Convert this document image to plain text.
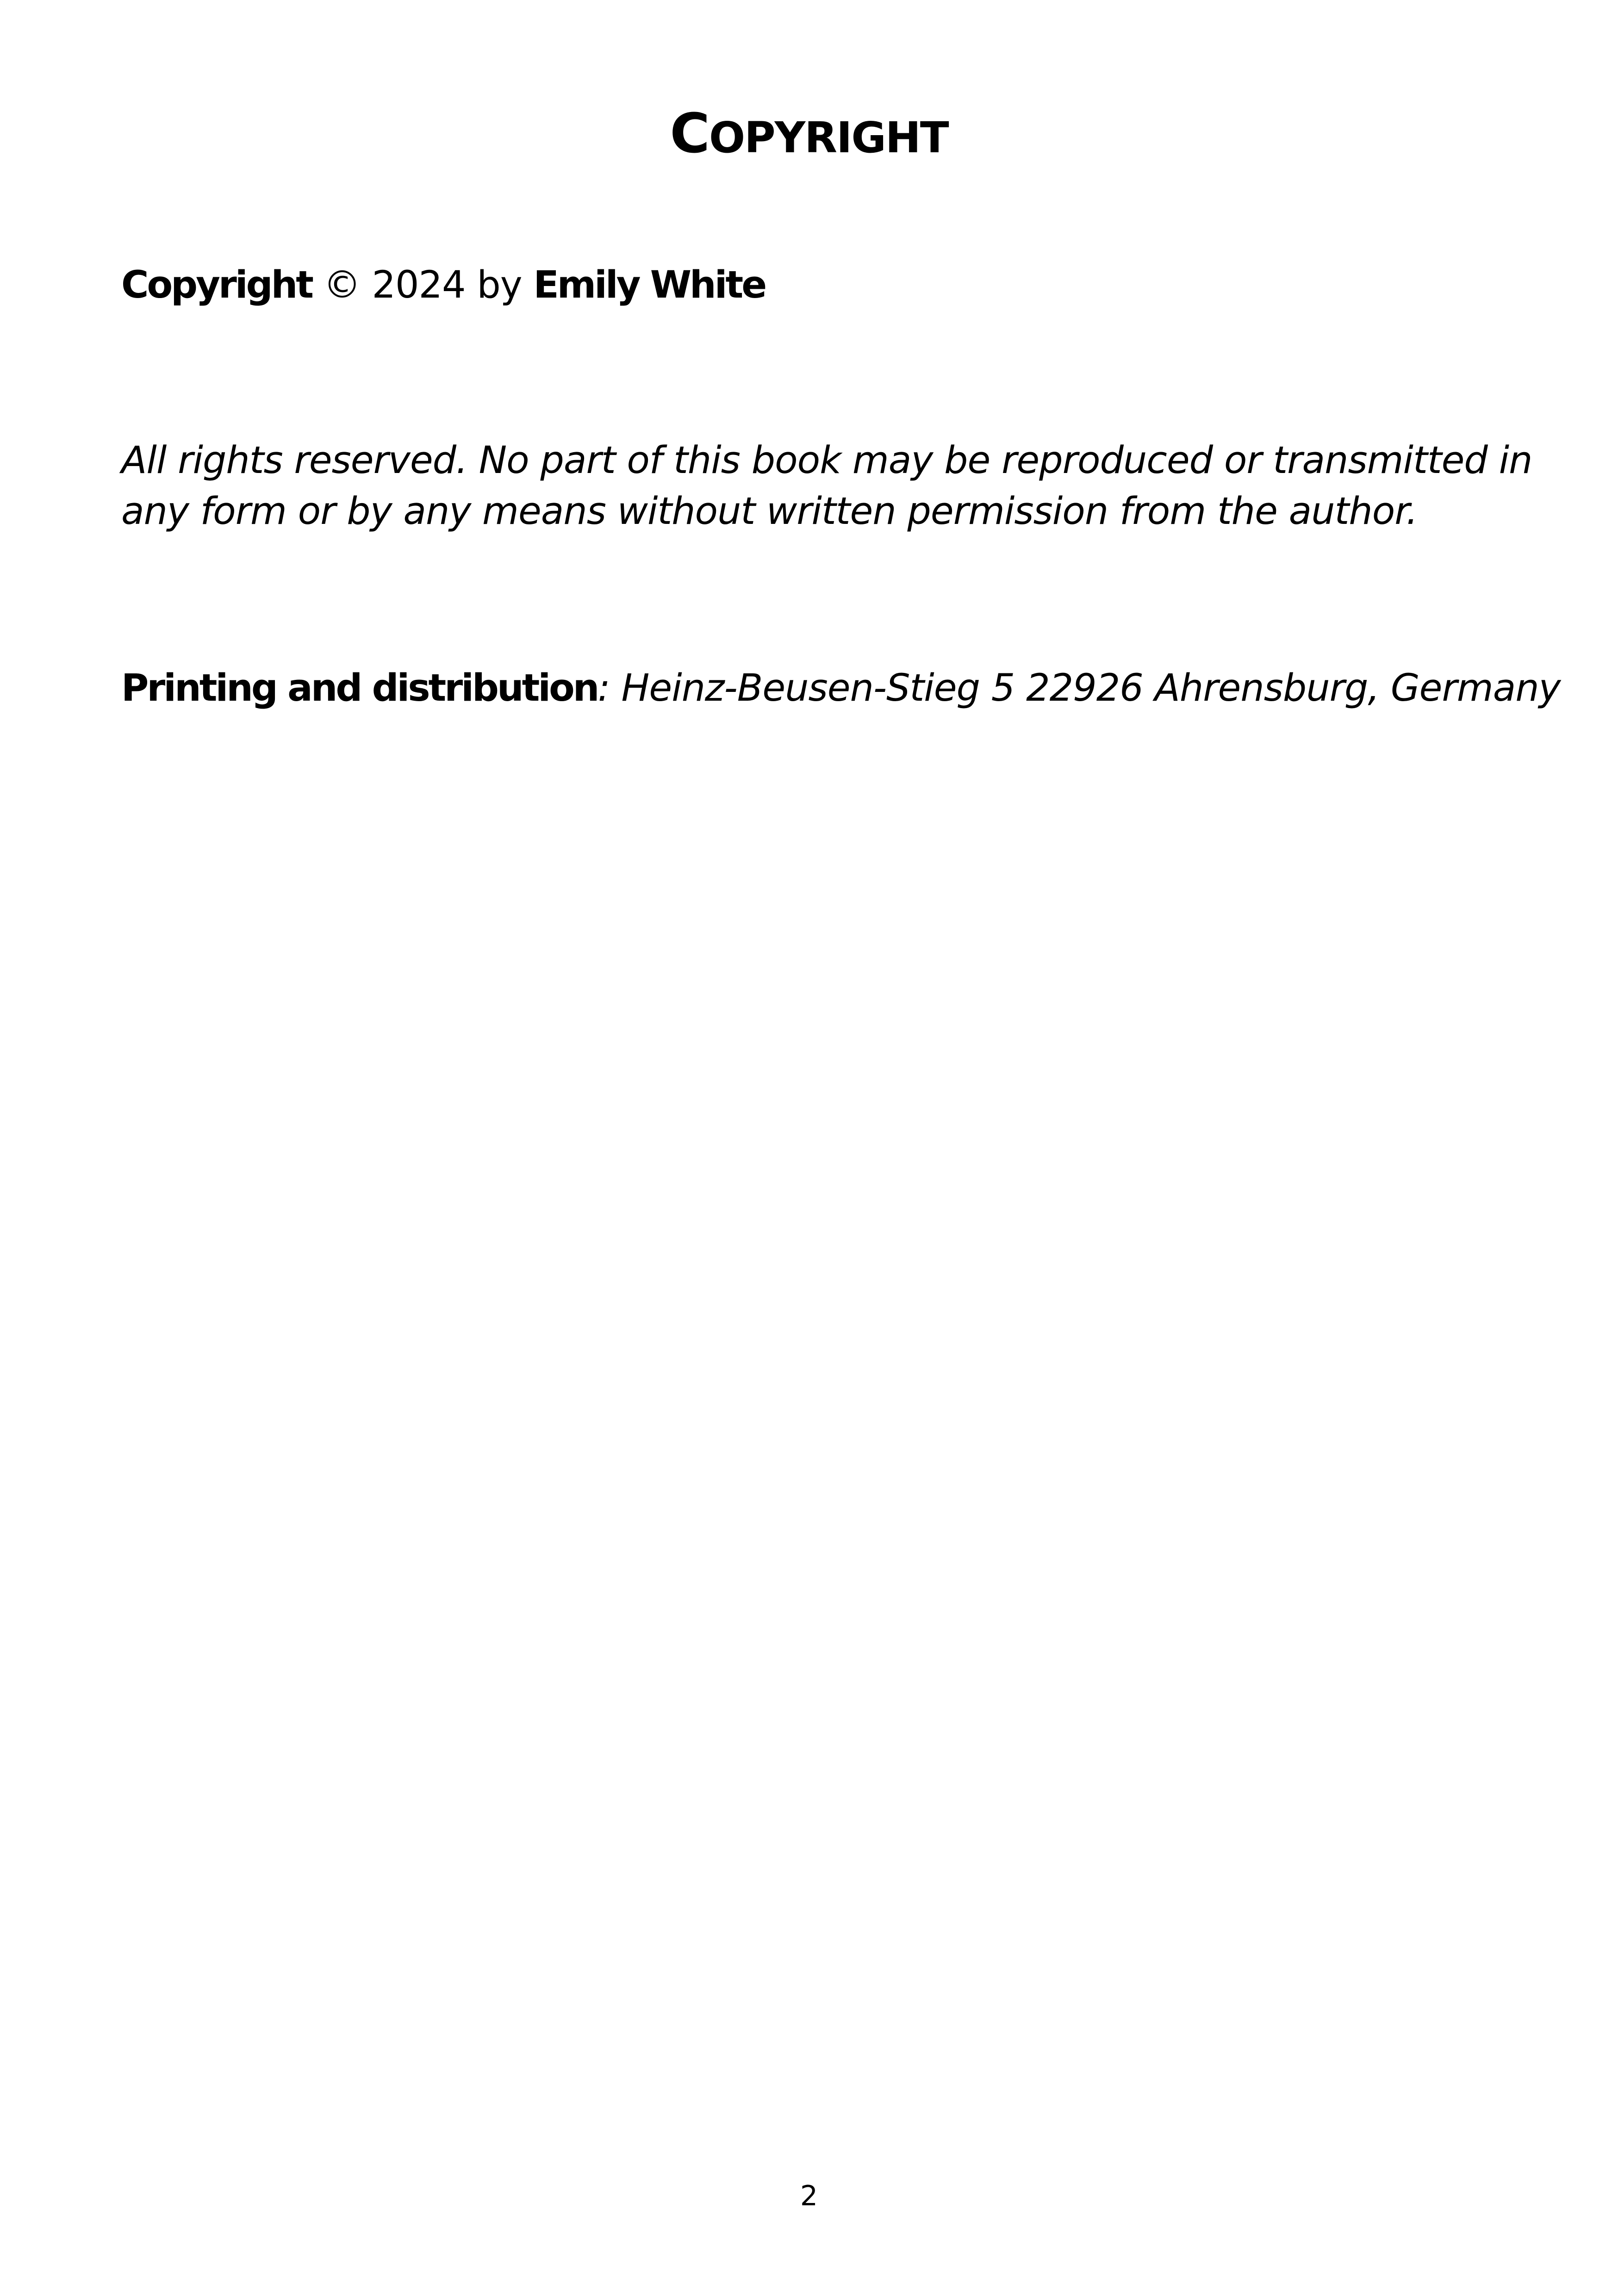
COPYRIGHT

Copyright © 2024 by Emily White

All rights reserved. No part of this book may be reproduced or transmitted in

any form or by any means without written permission from the author.

Printing and distribution: Heinz-Beusen-Stieg 5 22926 Ahrensburg, Germany

2
